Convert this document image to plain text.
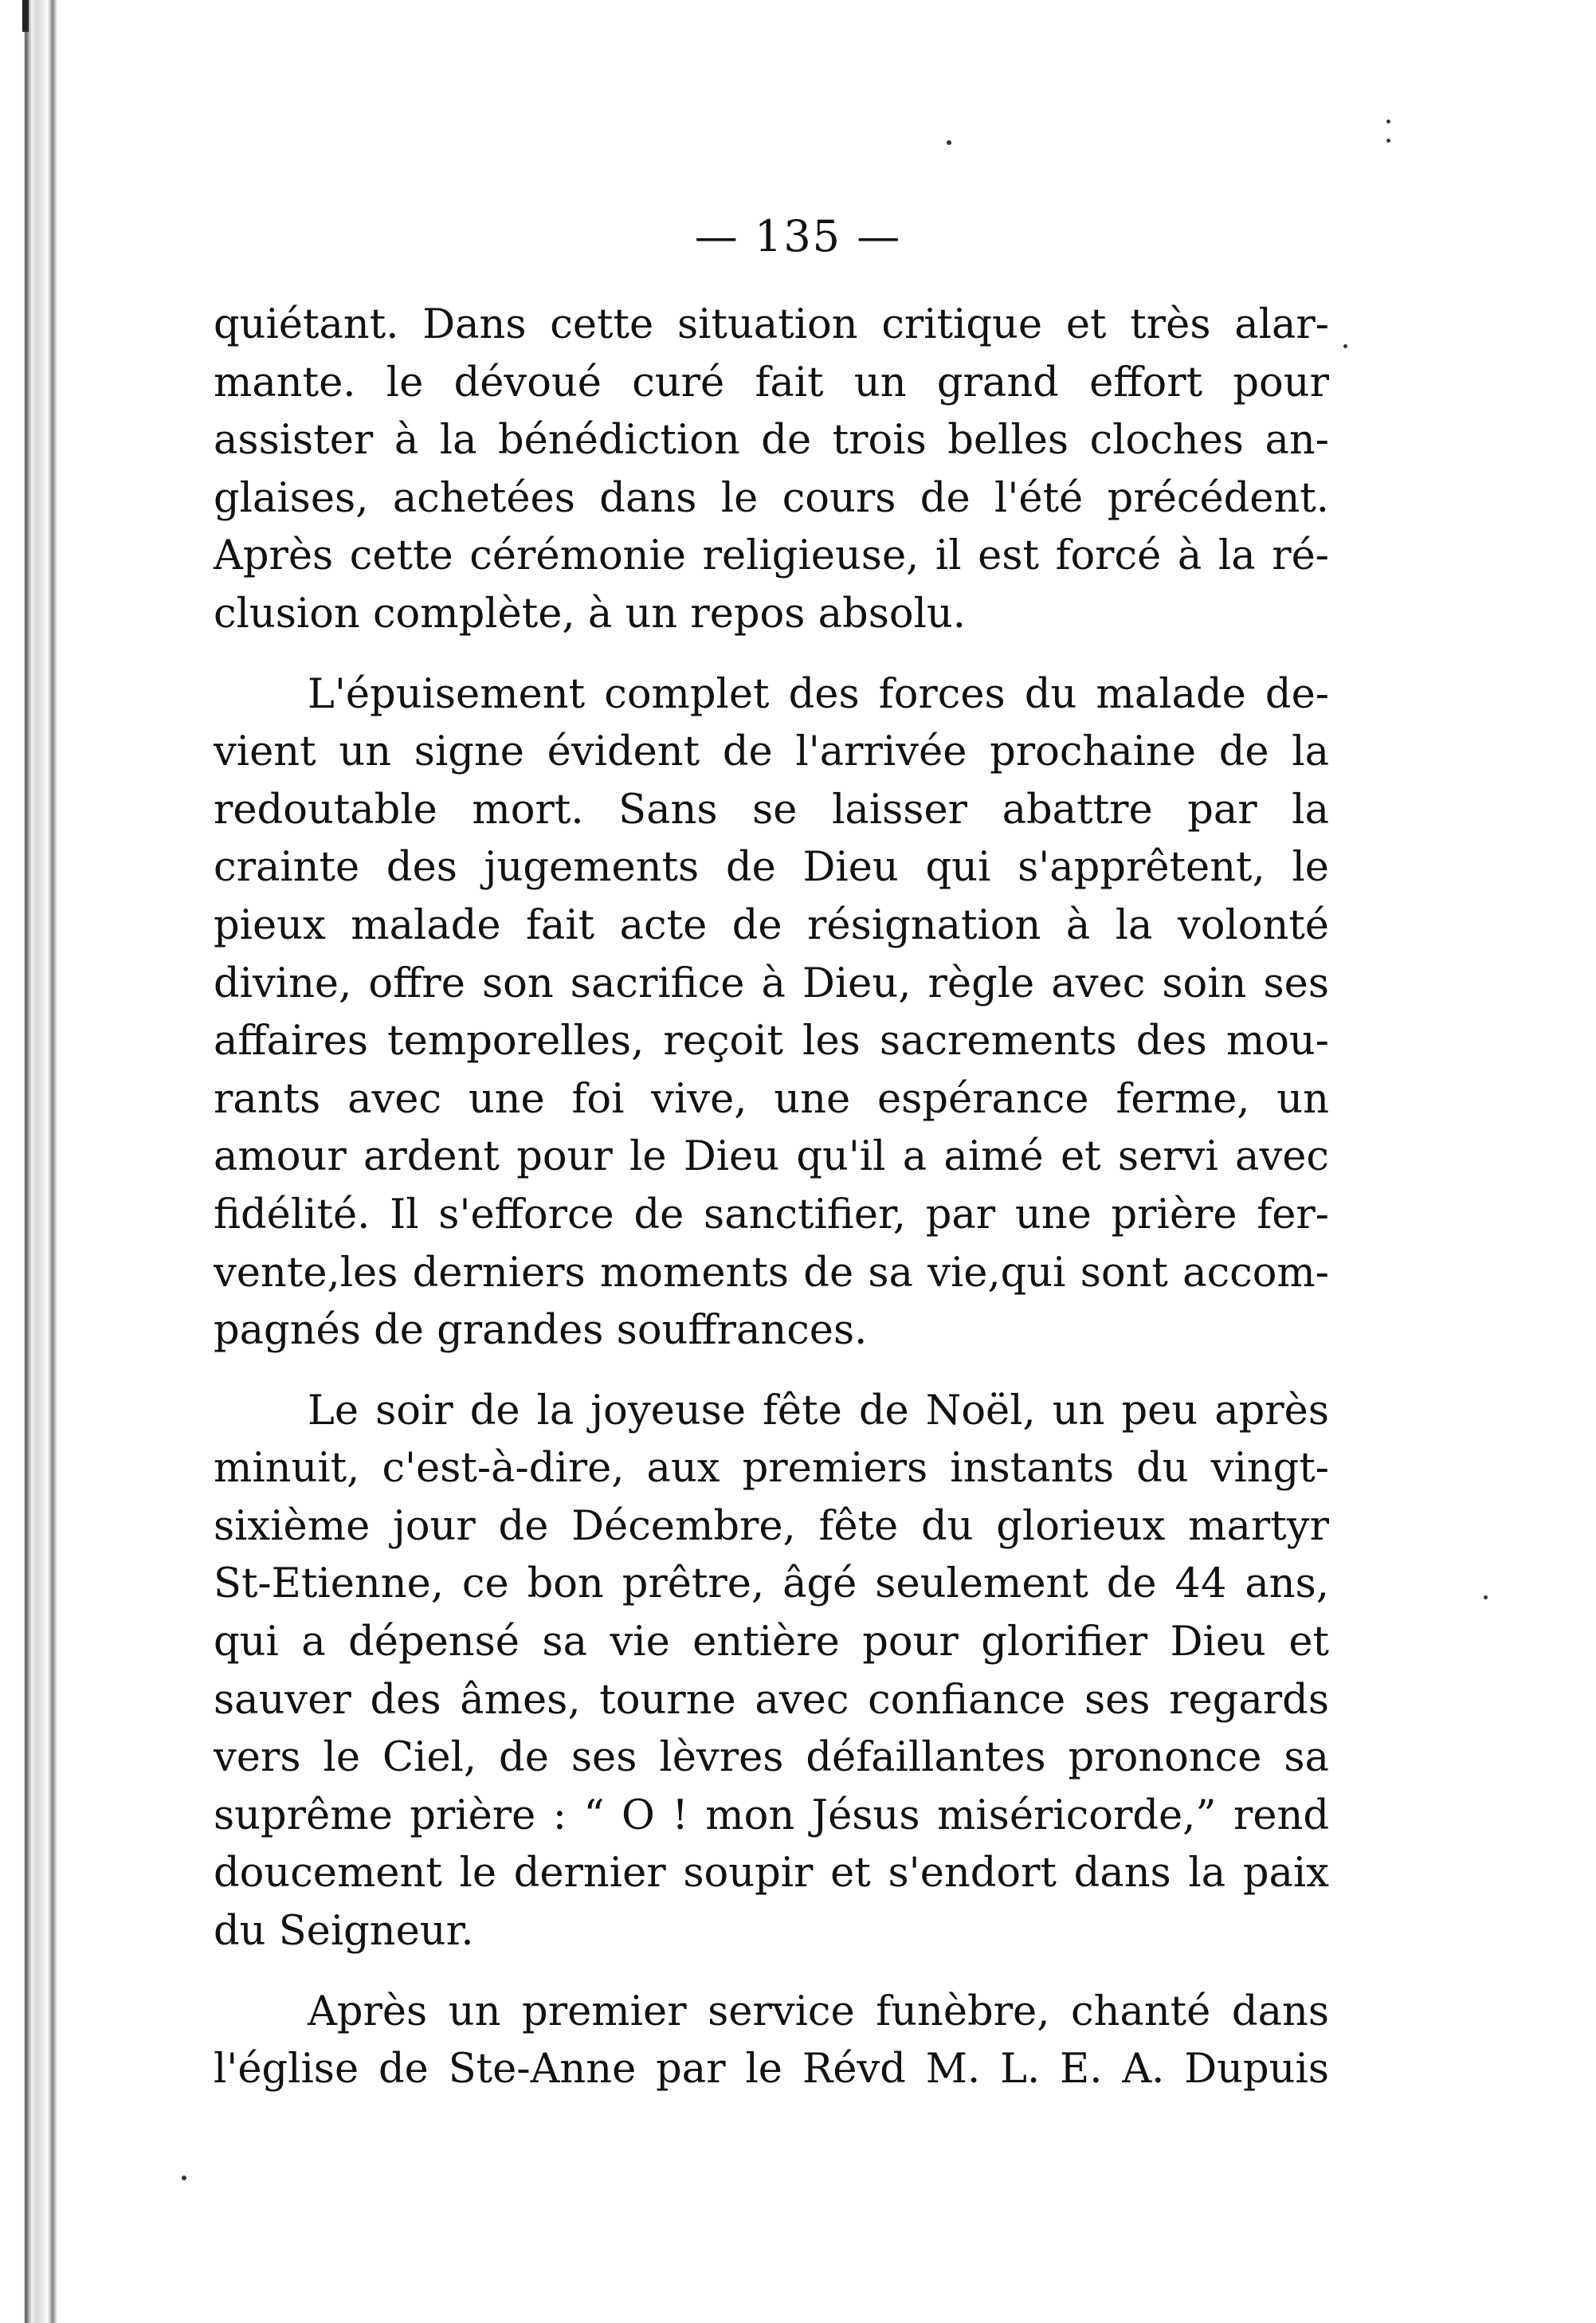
— 135 —

quiétant. Dans cette situation critique et très alar-
mante. le dévoué curé fait un grand effort pour
assister à la bénédiction de trois belles cloches an-
glaises, achetées dans le cours de l'été précédent.
Après cette cérémonie religieuse, il est forcé à la ré-
clusion complète, à un repos absolu.

L'épuisement complet des forces du malade de-
vient un signe évident de l'arrivée prochaine de la
redoutable mort. Sans se laisser abattre par la
crainte des jugements de Dieu qui s'apprêtent, le
pieux malade fait acte de résignation à la volonté
divine, offre son sacrifice à Dieu, règle avec soin ses
affaires temporelles, reçoit les sacrements des mou-
rants avec une foi vive, une espérance ferme, un
amour ardent pour le Dieu qu'il a aimé et servi avec
fidélité. Il s'efforce de sanctifier, par une prière fer-
vente,les derniers moments de sa vie,qui sont accom-
pagnés de grandes souffrances.

Le soir de la joyeuse fête de Noël, un peu après
minuit, c'est-à-dire, aux premiers instants du vingt-
sixième jour de Décembre, fête du glorieux martyr
St-Etienne, ce bon prêtre, âgé seulement de 44 ans,
qui a dépensé sa vie entière pour glorifier Dieu et
sauver des âmes, tourne avec confiance ses regards
vers le Ciel, de ses lèvres défaillantes prononce sa
suprême prière : “ O ! mon Jésus miséricorde,” rend
doucement le dernier soupir et s'endort dans la paix
du Seigneur.

Après un premier service funèbre, chanté dans
l'église de Ste-Anne par le Révd M. L. E. A. Dupuis
